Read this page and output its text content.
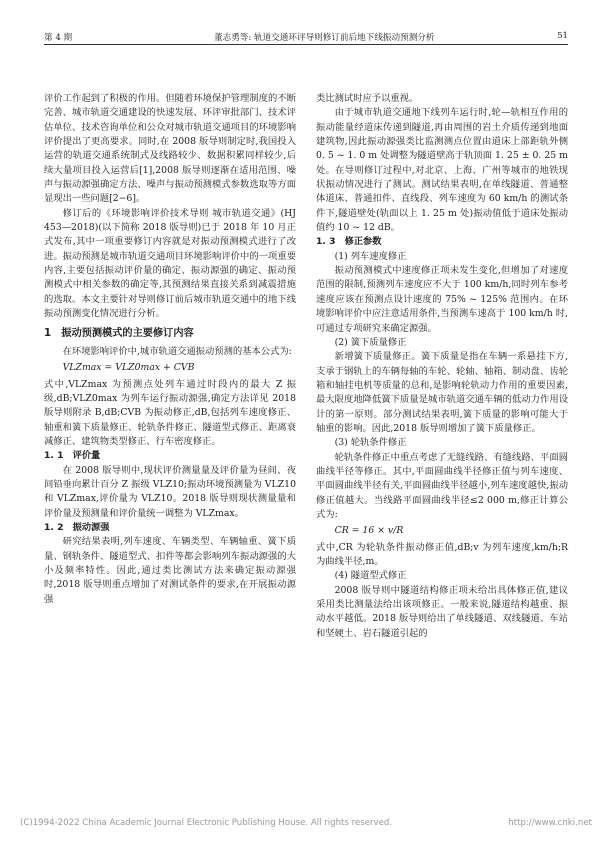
第 4 期	董志勇等: 轨道交通环评导则修订前后地下线振动预测分析	51

评价工作起到了积极的作用。但随着环境保护管理制度的不断完善、城市轨道交通建设的快速发展、环评审批部门、技术评估单位、技术咨询单位和公众对城市轨道交通项目的环境影响评价提出了更高要求。同时,在 2008 版导则制定时,我国投入运营的轨道交通系统制式及线路较少、数据积累同样较少,后续大量项目投入运营后[1],2008 版导则逐渐在适用范围、噪声与振动源强确定方法、噪声与振动预测模式参数选取等方面显现出一些问题[2−6]。

修订后的《环境影响评价技术导则 城市轨道交通》(HJ 453—2018)(以下简称 2018 版导则)已于 2018 年 10 月正式发布,其中一项重要修订内容就是对振动预测模式进行了改进。振动预测是城市轨道交通项目环境影响评价中的一项重要内容,主要包括振动评价量的确定、振动源强的确定、振动预测模式中相关参数的确定等,其预测结果直接关系到减震措施的选取。本文主要针对导则修订前后城市轨道交通中的地下线振动预测变化情况进行分析。

1　振动预测模式的主要修订内容

在环境影响评价中,城市轨道交通振动预测的基本公式为:

VLZmax = VLZ0max + CVB

式中,VLZmax 为预测点处列车通过时段内的最大 Z 振级,dB;VLZ0max 为列车运行振动源强,确定方法详见 2018 版导则附录 B,dB;CVB 为振动修正,dB,包括列车速度修正、轴重和簧下质量修正、轮轨条件修正、隧道型式修正、距离衰减修正、建筑物类型修正、行车密度修正。

1. 1　评价量

在 2008 版导则中,现状评价测量量及评价量为昼间、夜间铅垂向累计百分 Z 振级 VLZ10;振动环境预测量为 VLZ10 和 VLZmax,评价量为 VLZ10。2018 版导则现状测量量和评价量及预测量和评价量统一调整为 VLZmax。

1. 2　振动源强

研究结果表明,列车速度、车辆类型、车辆轴重、簧下质量、钢轨条件、隧道型式、扣件等都会影响列车振动源强的大小及频率特性。因此,通过类比测试方法来确定振动源强时,2018 版导则重点增加了对测试条件的要求,在开展振动源强

类比测试时应予以重视。

由于城市轨道交通地下线列车运行时,轮—轨相互作用的振动能量经道床传递到隧道,再由周围的岩土介质传递到地面建筑物,因此振动源强类比监测测点位置由道床上部距轨外侧 0. 5 ~ 1. 0 m 处调整为隧道壁高于轨顶面 1. 25 ± 0. 25 m 处。在导则修订过程中,对北京、上海、广州等城市的地铁现状振动情况进行了测试。测试结果表明,在单线隧道、普通整体道床、普通扣件、直线段、列车速度为 60 km/h 的测试条件下,隧道壁处(轨面以上 1. 25 m 处)振动值低于道床处振动值约 10 ~ 12 dB。

1. 3　修正参数

(1) 列车速度修正

振动预测模式中速度修正项未发生变化,但增加了对速度范围的限制,预测列车速度应不大于 100 km/h,同时列车参考速度应该在预测点设计速度的 75% ~ 125% 范围内。在环境影响评价中应注意适用条件,当预测车速高于 100 km/h 时,可通过专项研究来确定源强。

(2) 簧下质量修正

新增簧下质量修正。簧下质量是指在车辆一系悬挂下方,支承于钢轨上的车辆每轴的车轮、轮轴、轴箱、制动盘、齿轮箱和轴挂电机等质量的总和,是影响轮轨动力作用的重要因素,最大限度地降低簧下质量是城市轨道交通车辆的低动力作用设计的第一原则。部分测试结果表明,簧下质量的影响可能大于轴重的影响。因此,2018 版导则增加了簧下质量修正。

(3) 轮轨条件修正

轮轨条件修正中重点考虑了无缝线路、有缝线路、平面圆曲线半径等修正。其中,平面圆曲线半径修正值与列车速度、平面圆曲线半径有关,平面圆曲线半径越小,列车速度越快,振动修正值越大。当线路平面圆曲线半径≤2 000 m,修正计算公式为:

CR = 16 × v/R

式中,CR 为轮轨条件振动修正值,dB;v 为列车速度,km/h;R 为曲线半径,m。

(4) 隧道型式修正

2008 版导则中隧道结构修正项未给出具体修正值,建议采用类比测量法给出该项修正。一般来说,隧道结构越重、振动水平越低。2018 版导则给出了单线隧道、双线隧道、车站和坚硬土、岩石隧道引起的

(C)1994-2022 China Academic Journal Electronic Publishing House. All rights reserved.	http://www.cnki.net
